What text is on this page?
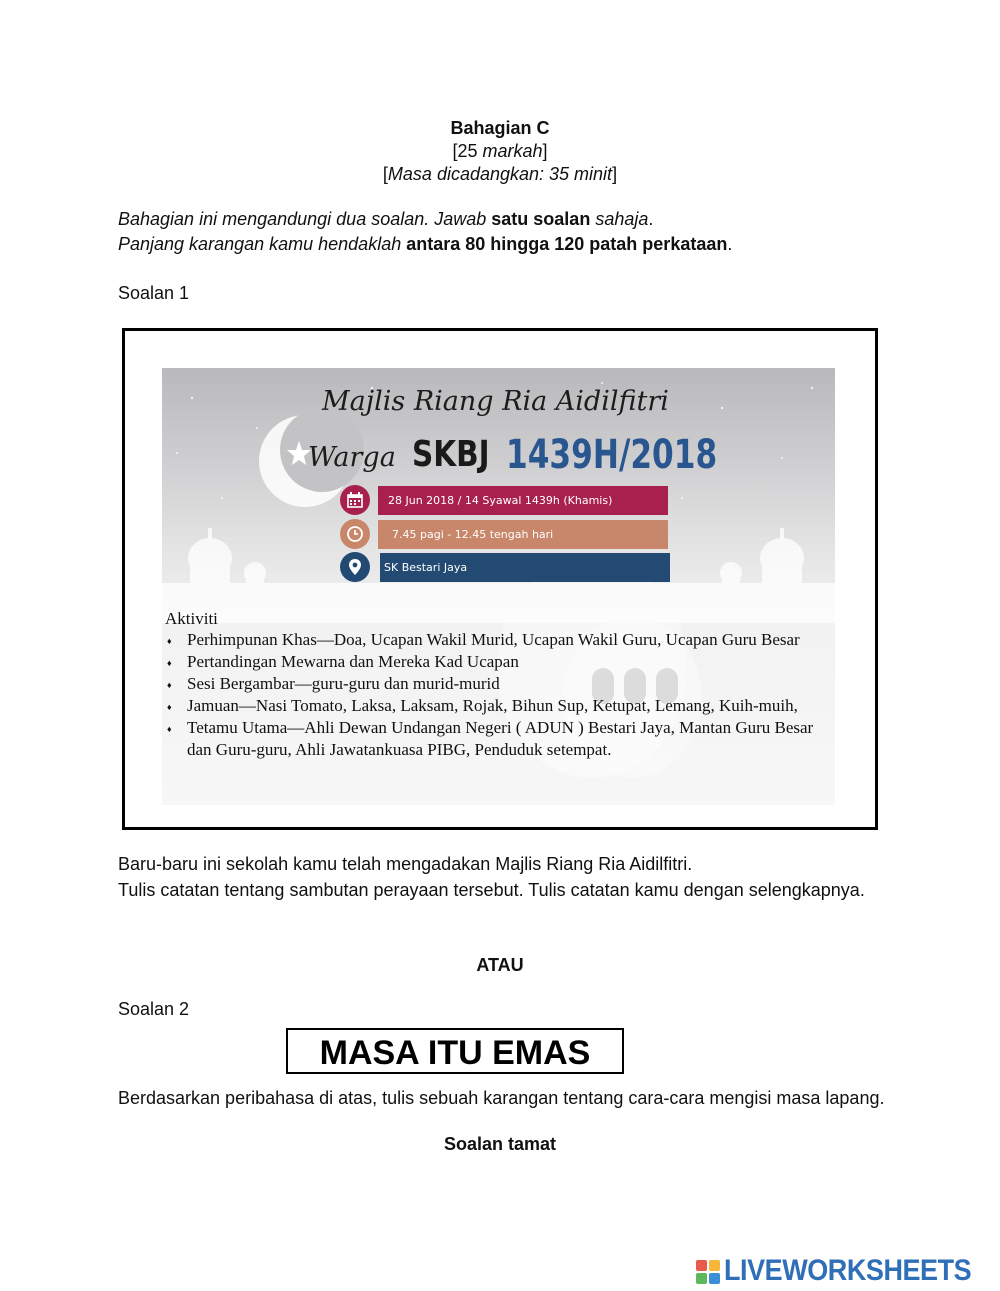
Bahagian C
[25 markah]
[Masa dicadangkan: 35 minit]
Bahagian ini mengandungi dua soalan. Jawab satu soalan sahaja.
Panjang karangan kamu hendaklah antara 80 hingga 120 patah perkataan.
Soalan 1
Majlis Riang Ria Aidilfitri
Warga SKBJ 1439H/2018
28 Jun 2018 / 14 Syawal 1439h (Khamis)
7.45 pagi - 12.45 tengah hari
SK Bestari Jaya
Aktiviti
♦ Perhimpunan Khas—Doa, Ucapan Wakil Murid, Ucapan Wakil Guru, Ucapan Guru Besar
♦ Pertandingan Mewarna dan Mereka Kad Ucapan
♦ Sesi Bergambar—guru-guru dan murid-murid
♦ Jamuan—Nasi Tomato, Laksa, Laksam, Rojak, Bihun Sup, Ketupat, Lemang, Kuih-muih,
♦ Tetamu Utama—Ahli Dewan Undangan Negeri ( ADUN ) Bestari Jaya, Mantan Guru Besar dan Guru-guru, Ahli Jawatankuasa PIBG, Penduduk setempat.
Baru-baru ini sekolah kamu telah mengadakan Majlis Riang Ria Aidilfitri.
Tulis catatan tentang sambutan perayaan tersebut. Tulis catatan kamu dengan selengkapnya.
ATAU
Soalan 2
MASA ITU EMAS
Berdasarkan peribahasa di atas, tulis sebuah karangan tentang cara-cara mengisi masa lapang.
Soalan tamat
LIVEWORKSHEETS
